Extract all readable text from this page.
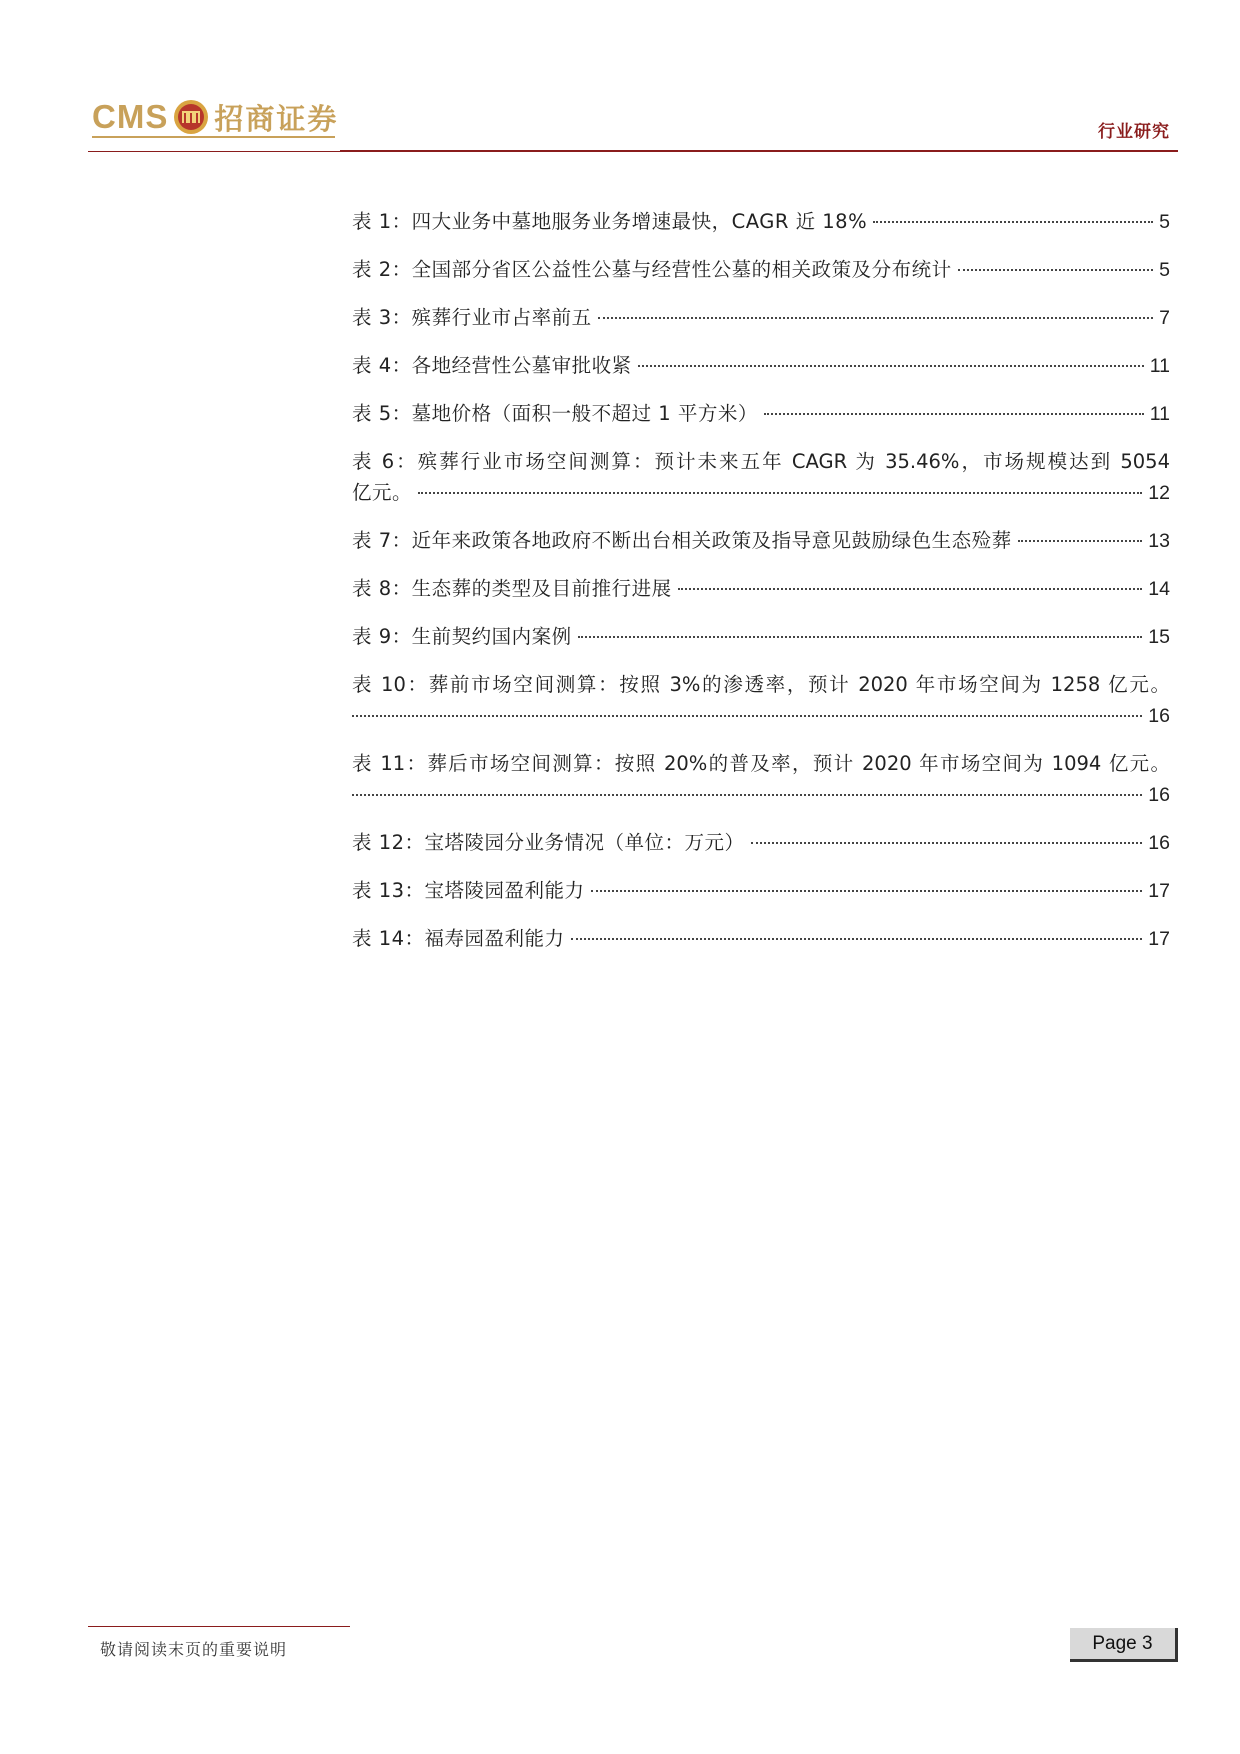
CMS 招商证券	行业研究
表 1：四大业务中墓地服务业务增速最快，CAGR 近 18%	5
表 2：全国部分省区公益性公墓与经营性公墓的相关政策及分布统计	5
表 3：殡葬行业市占率前五	7
表 4：各地经营性公墓审批收紧	11
表 5：墓地价格（面积一般不超过 1 平方米）	11
表 6：殡葬行业市场空间测算：预计未来五年 CAGR 为 35.46%，市场规模达到 5054
亿元。	12
表 7：近年来政策各地政府不断出台相关政策及指导意见鼓励绿色生态殓葬	13
表 8：生态葬的类型及目前推行进展	14
表 9：生前契约国内案例	15
表 10：葬前市场空间测算：按照 3%的渗透率，预计 2020 年市场空间为 1258 亿元。
16
表 11：葬后市场空间测算：按照 20%的普及率，预计 2020 年市场空间为 1094 亿元。
16
表 12：宝塔陵园分业务情况（单位：万元）	16
表 13：宝塔陵园盈利能力	17
表 14：福寿园盈利能力	17
敬请阅读末页的重要说明	Page 3
